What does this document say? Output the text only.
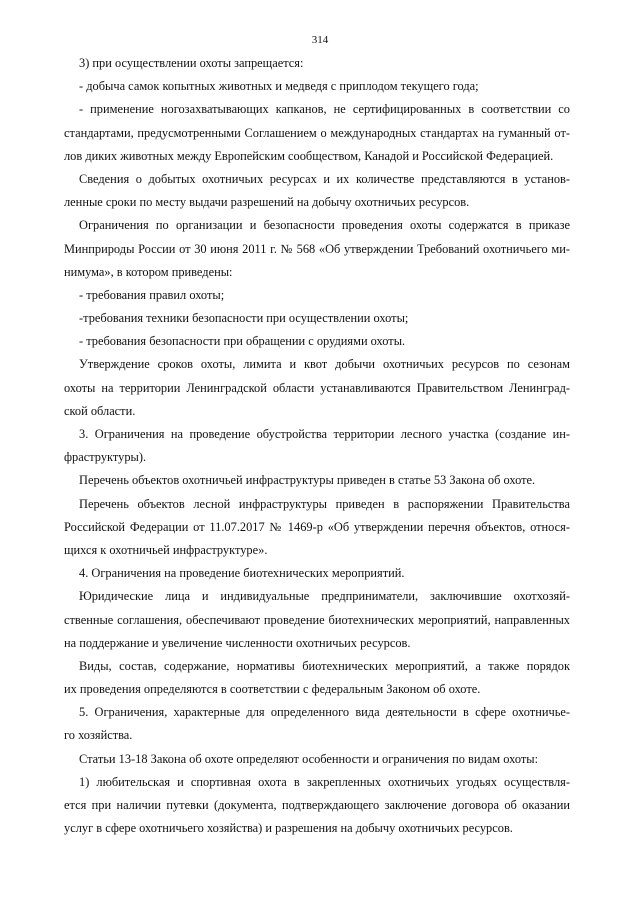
314
3) при осуществлении охоты запрещается:
- добыча самок копытных животных и медведя с приплодом текущего года;
- применение ногозахватывающих капканов, не сертифицированных в соответствии со
стандартами, предусмотренными Соглашением о международных стандартах на гуманный от-
лов диких животных между Европейским сообществом, Канадой и Российской Федерацией.
Сведения о добытых охотничьих ресурсах и их количестве представляются в установ-
ленные сроки по месту выдачи разрешений на добычу охотничьих ресурсов.
Ограничения по организации и безопасности проведения охоты содержатся в приказе
Минприроды России от 30 июня 2011 г. № 568 «Об утверждении Требований охотничьего ми-
нимума», в котором приведены:
- требования правил охоты;
-требования техники безопасности при осуществлении охоты;
- требования безопасности при обращении с орудиями охоты.
Утверждение сроков охоты, лимита и квот добычи охотничьих ресурсов по сезонам
охоты на территории Ленинградской области устанавливаются Правительством Ленинград-
ской области.
3. Ограничения на проведение обустройства территории лесного участка (создание ин-
фраструктуры).
Перечень объектов охотничьей инфраструктуры приведен в статье 53 Закона об охоте.
Перечень объектов лесной инфраструктуры приведен в распоряжении Правительства
Российской Федерации от 11.07.2017 № 1469-р «Об утверждении перечня объектов, относя-
щихся к охотничьей инфраструктуре».
4. Ограничения на проведение биотехнических мероприятий.
Юридические лица и индивидуальные предприниматели, заключившие охотхозяй-
ственные соглашения, обеспечивают проведение биотехнических мероприятий, направленных
на поддержание и увеличение численности охотничьих ресурсов.
Виды, состав, содержание, нормативы биотехнических мероприятий, а также порядок
их проведения определяются в соответствии с федеральным Законом об охоте.
5. Ограничения, характерные для определенного вида деятельности в сфере охотничье-
го хозяйства.
Статьи 13-18 Закона об охоте определяют особенности и ограничения по видам охоты:
1) любительская и спортивная охота в закрепленных охотничьих угодьях осуществля-
ется при наличии путевки (документа, подтверждающего заключение договора об оказании
услуг в сфере охотничьего хозяйства) и разрешения на добычу охотничьих ресурсов.
